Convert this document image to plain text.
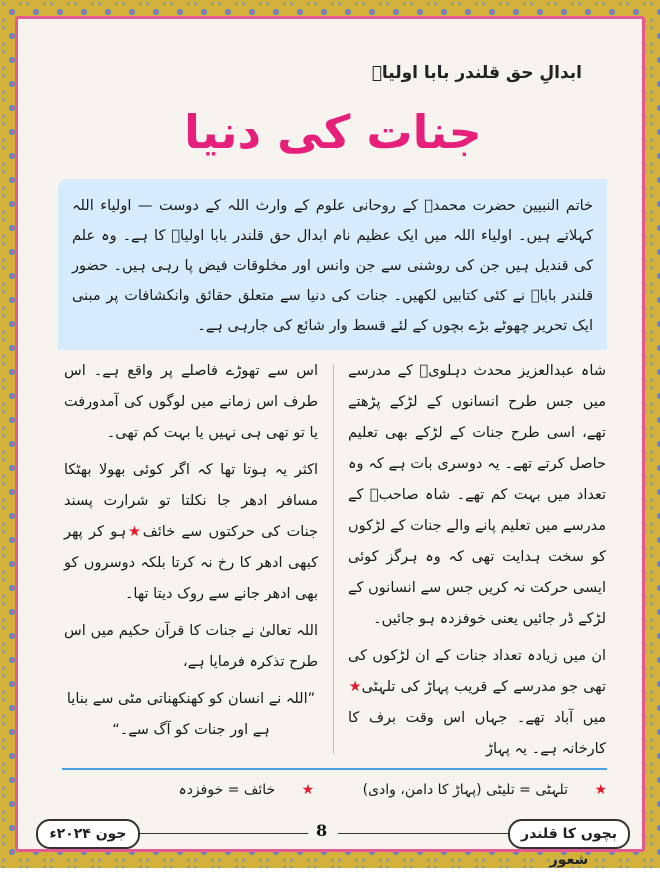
ابدالِ حق قلندر بابا اولیاؒ
جنات کی دنیا
خاتم النبیین حضرت محمدؐ کے روحانی علوم کے وارث اللہ کے دوست — اولیاء اللہ کہلاتے ہیں۔ اولیاء اللہ میں ایک عظیم نام ابدال حق قلندر بابا اولیاؒ کا ہے۔ وہ علم کی قندیل ہیں جن کی روشنی سے جن وانس اور مخلوقات فیض پا رہی ہیں۔ حضور قلندر باباؒ نے کئی کتابیں لکھیں۔ جنات کی دنیا سے متعلق حقائق وانکشافات پر مبنی ایک تحریر چھوٹے بڑے بچوں کے لئے قسط وار شائع کی جارہی ہے۔

شاہ عبدالعزیز محدث دہلویؒ کے مدرسے میں جس طرح انسانوں کے لڑکے پڑھتے تھے، اسی طرح جنات کے لڑکے بھی تعلیم حاصل کرتے تھے۔ یہ دوسری بات ہے کہ وہ تعداد میں بہت کم تھے۔ شاہ صاحبؒ کے مدرسے میں تعلیم پانے والے جنات کے لڑکوں کو سخت ہدایت تھی کہ وہ ہرگز کوئی ایسی حرکت نہ کریں جس سے انسانوں کے لڑکے ڈر جائیں یعنی خوفزدہ ہو جائیں۔

ان میں زیادہ تعداد جنات کے ان لڑکوں کی تھی جو مدرسے کے قریب پہاڑ کی تلہٹی★ میں آباد تھے۔ جہاں اس وقت برف کا کارخانہ ہے۔ یہ پہاڑ

اس سے تھوڑے فاصلے پر واقع ہے۔ اس طرف اس زمانے میں لوگوں کی آمدورفت یا تو تھی ہی نہیں یا بہت کم تھی۔

اکثر یہ ہوتا تھا کہ اگر کوئی بھولا بھٹکا مسافر ادھر جا نکلتا تو شرارت پسند جنات کی حرکتوں سے خائف★ہو کر پھر کبھی ادھر کا رخ نہ کرتا بلکہ دوسروں کو بھی ادھر جانے سے روک دیتا تھا۔

اللہ تعالیٰ نے جنات کا قرآن حکیم میں اس طرح تذکرہ فرمایا ہے،

”اللہ نے انسان کو کھنکھناتی مٹی سے بنایا ہے اور جنات کو آگ سے۔“

★ تلہٹی = تلیٹی (پہاڑ کا دامن، وادی) ★ خائف = خوفزدہ
بچوں کا قلندر شعور
8
جون ۲۰۲۴ء
